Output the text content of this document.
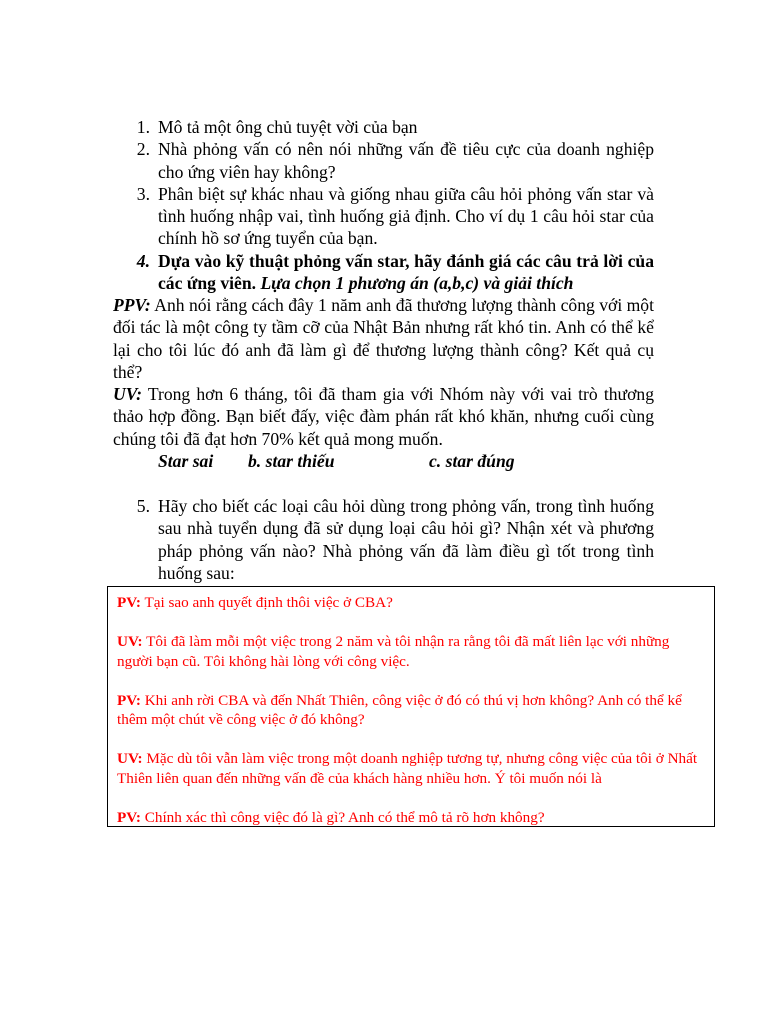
1. Mô tả một ông chủ tuyệt vời của bạn
2. Nhà phỏng vấn có nên nói những vấn đề tiêu cực của doanh nghiệp cho ứng viên hay không?
3. Phân biệt sự khác nhau và giống nhau giữa câu hỏi phỏng vấn star và tình huống nhập vai, tình huống giả định. Cho ví dụ 1 câu hỏi star của chính hồ sơ ứng tuyển của bạn.
4. Dựa vào kỹ thuật phỏng vấn star, hãy đánh giá các câu trả lời của các ứng viên. Lựa chọn 1 phương án (a,b,c) và giải thích
PPV: Anh nói rằng cách đây 1 năm anh đã thương lượng thành công với một đối tác là một công ty tầm cỡ của Nhật Bản nhưng rất khó tin. Anh có thể kể lại cho tôi lúc đó anh đã làm gì để thương lượng thành công? Kết quả cụ thể?
UV: Trong hơn 6 tháng, tôi đã tham gia với Nhóm này với vai trò thương thảo hợp đồng. Bạn biết đấy, việc đàm phán rất khó khăn, nhưng cuối cùng chúng tôi đã đạt hơn 70% kết quả mong muốn.
Star sai b. star thiếu	c. star đúng
5. Hãy cho biết các loại câu hỏi dùng trong phỏng vấn, trong tình huống sau nhà tuyển dụng đã sử dụng loại câu hỏi gì? Nhận xét và phương pháp phỏng vấn nào? Nhà phỏng vấn đã làm điều gì tốt trong tình huống sau:

PV: Tại sao anh quyết định thôi việc ở CBA?

UV: Tôi đã làm mỗi một việc trong 2 năm và tôi nhận ra rằng tôi đã mất liên lạc với những người bạn cũ. Tôi không hài lòng với công việc.

PV: Khi anh rời CBA và đến Nhất Thiên, công việc ở đó có thú vị hơn không? Anh có thể kể thêm một chút về công việc ở đó không?

UV: Mặc dù tôi vẫn làm việc trong một doanh nghiệp tương tự, nhưng công việc của tôi ở Nhất Thiên liên quan đến những vấn đề của khách hàng nhiều hơn. Ý tôi muốn nói là

PV: Chính xác thì công việc đó là gì? Anh có thể mô tả rõ hơn không?
